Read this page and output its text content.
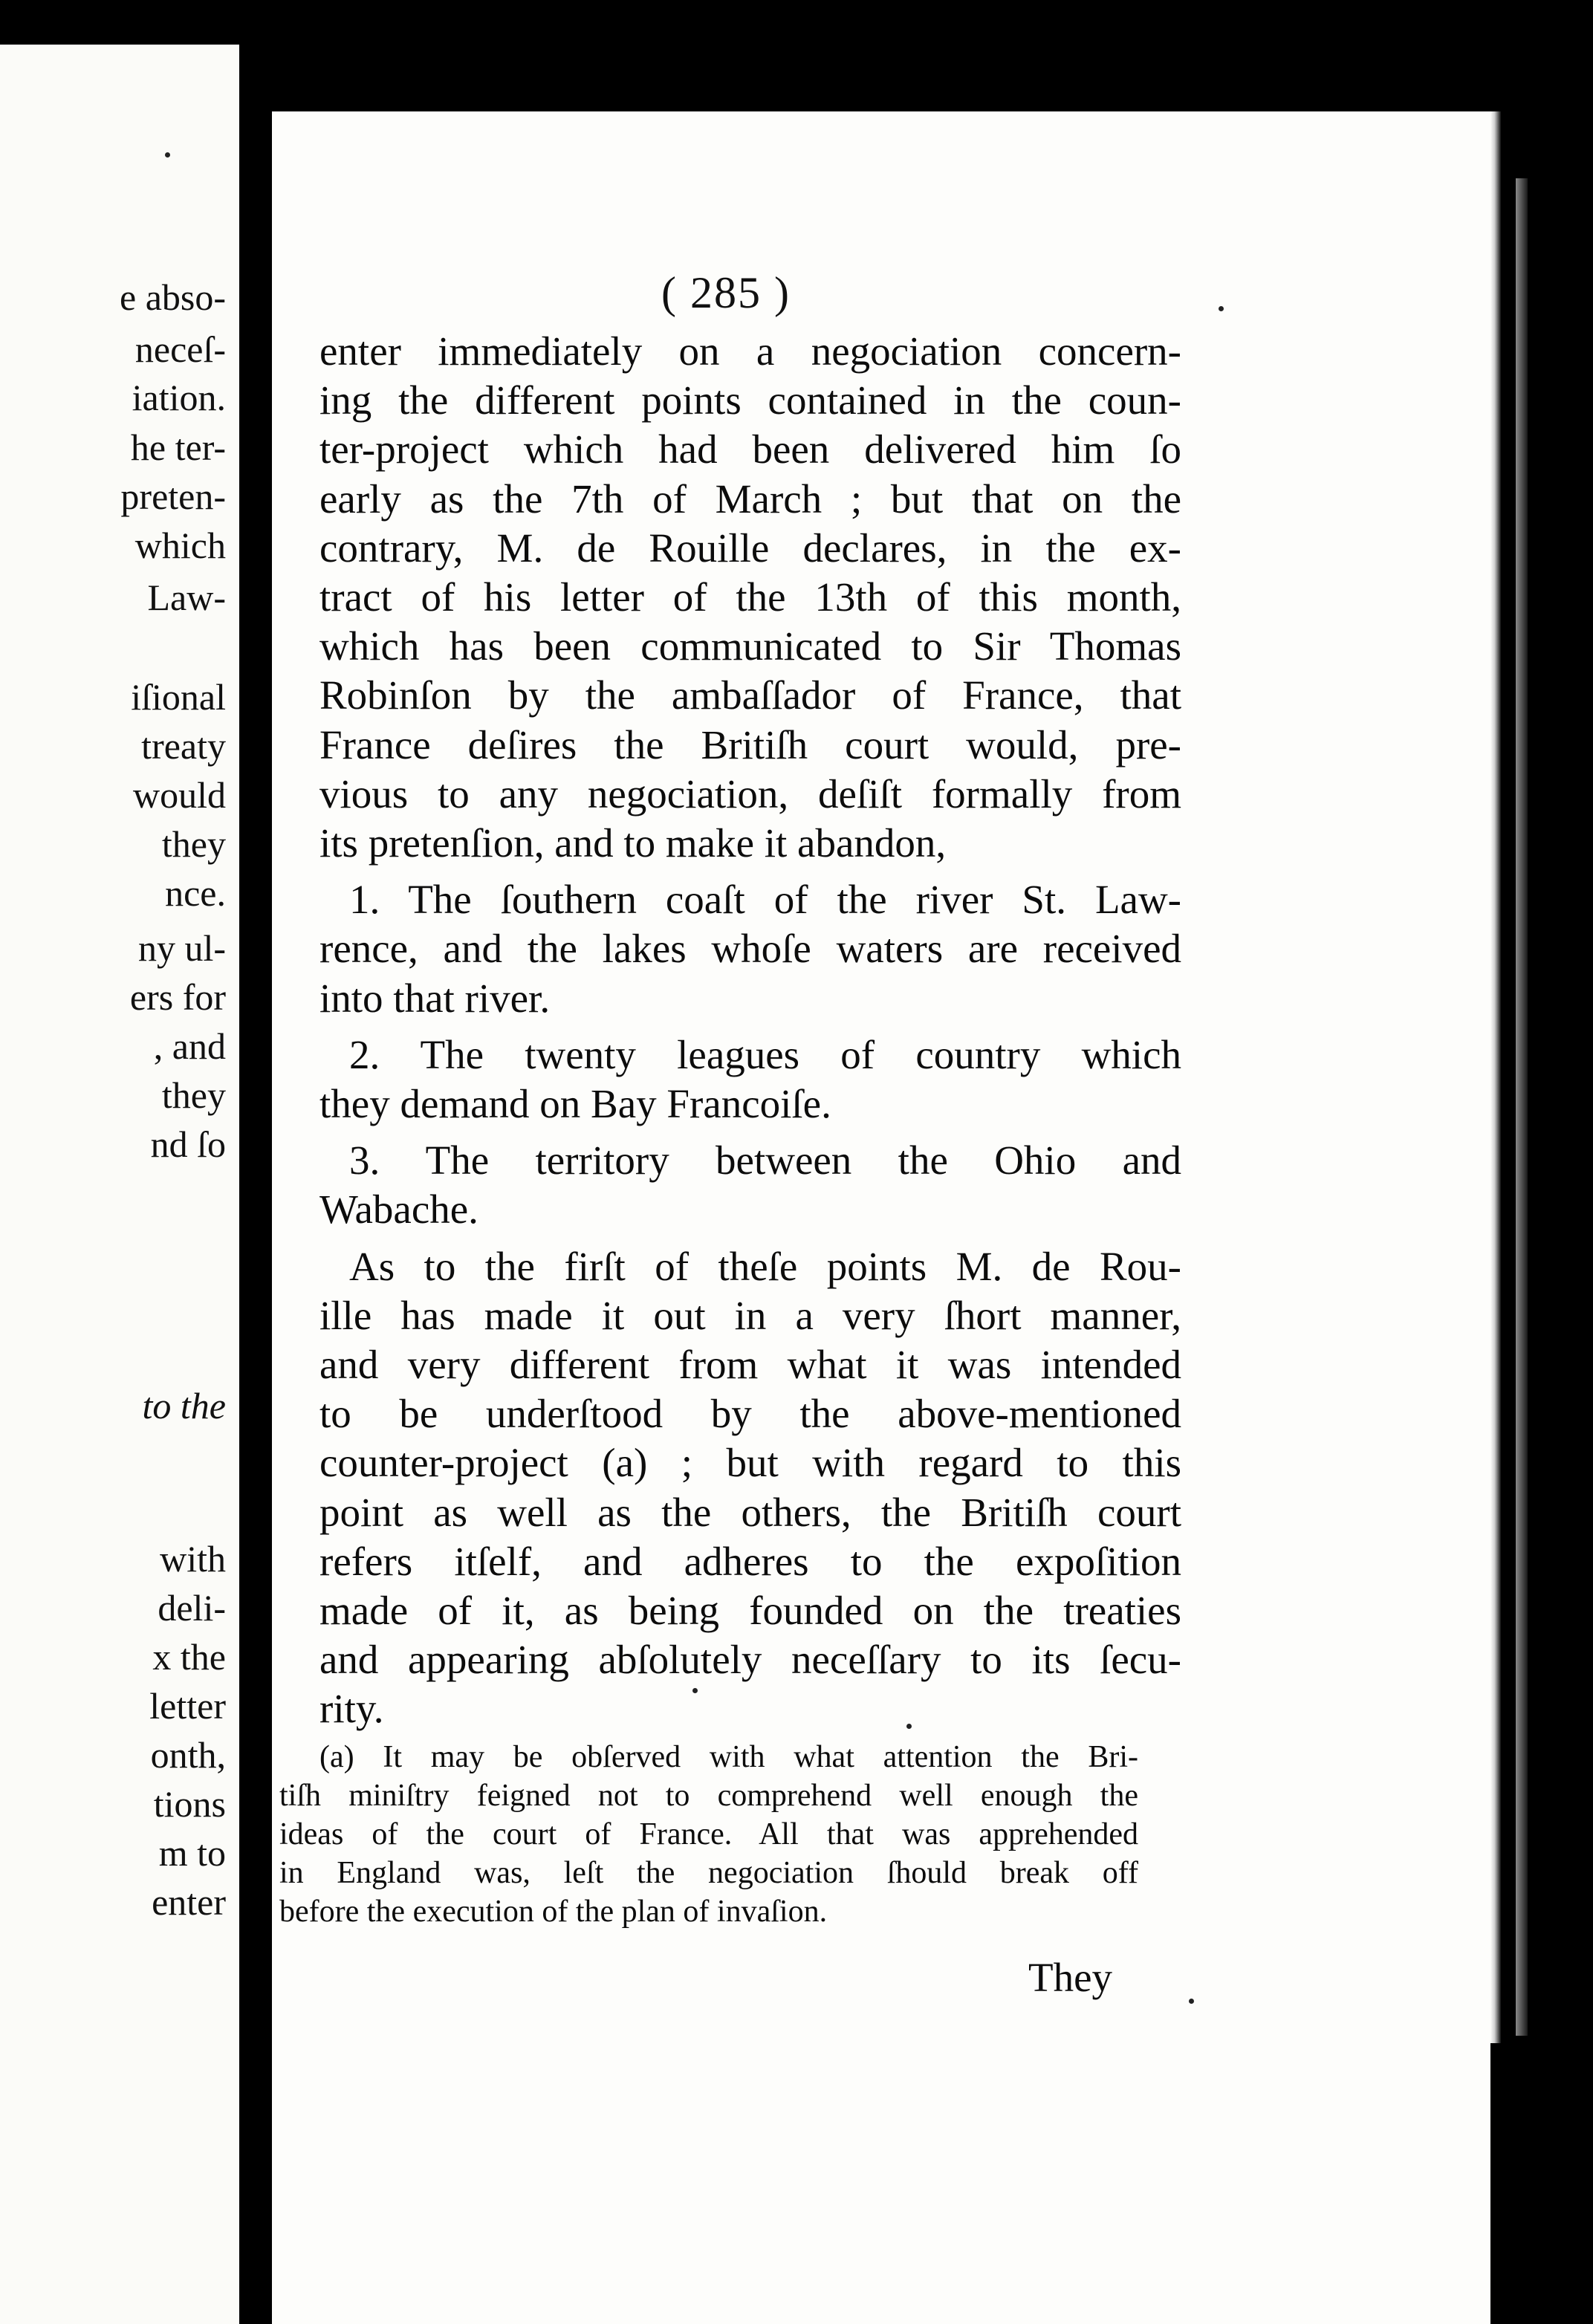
e abso-
neceſ-
iation.
he ter-
preten-
which
Law-
iſional
treaty
would
they
nce.
ny ul-
ers for
, and
they
nd ſo
to the
with
deli-
x the
letter
onth,
tions
m to
enter
( 285 )
enter immediately on a negociation concern-
ing the different points contained in the coun-
ter-project which had been delivered him ſo
early as the 7th of March ; but that on the
contrary, M. de Rouille declares, in the ex-
tract of his letter of the 13th of this month,
which has been communicated to Sir Thomas
Robinſon by the ambaſſador of France, that
France deſires the Britiſh court would, pre-
vious to any negociation, deſiſt formally from
its pretenſion, and to make it abandon,
1. The ſouthern coaſt of the river St. Law-
rence, and the lakes whoſe waters are received
into that river.
2. The twenty leagues of country which
they demand on Bay Francoiſe.
3. The territory between the Ohio and
Wabache.
As to the firſt of theſe points M. de Rou-
ille has made it out in a very ſhort manner,
and very different from what it was intended
to be underſtood by the above-mentioned
counter-project (a) ; but with regard to this
point as well as the others, the Britiſh court
refers itſelf, and adheres to the expoſition
made of it, as being founded on the treaties
and appearing abſolutely neceſſary to its ſecu-
rity.
(a) It may be obſerved with what attention the Bri-
tiſh miniſtry feigned not to comprehend well enough the
ideas of the court of France. All that was apprehended
in England was, leſt the negociation ſhould break off
before the execution of the plan of invaſion.
They
